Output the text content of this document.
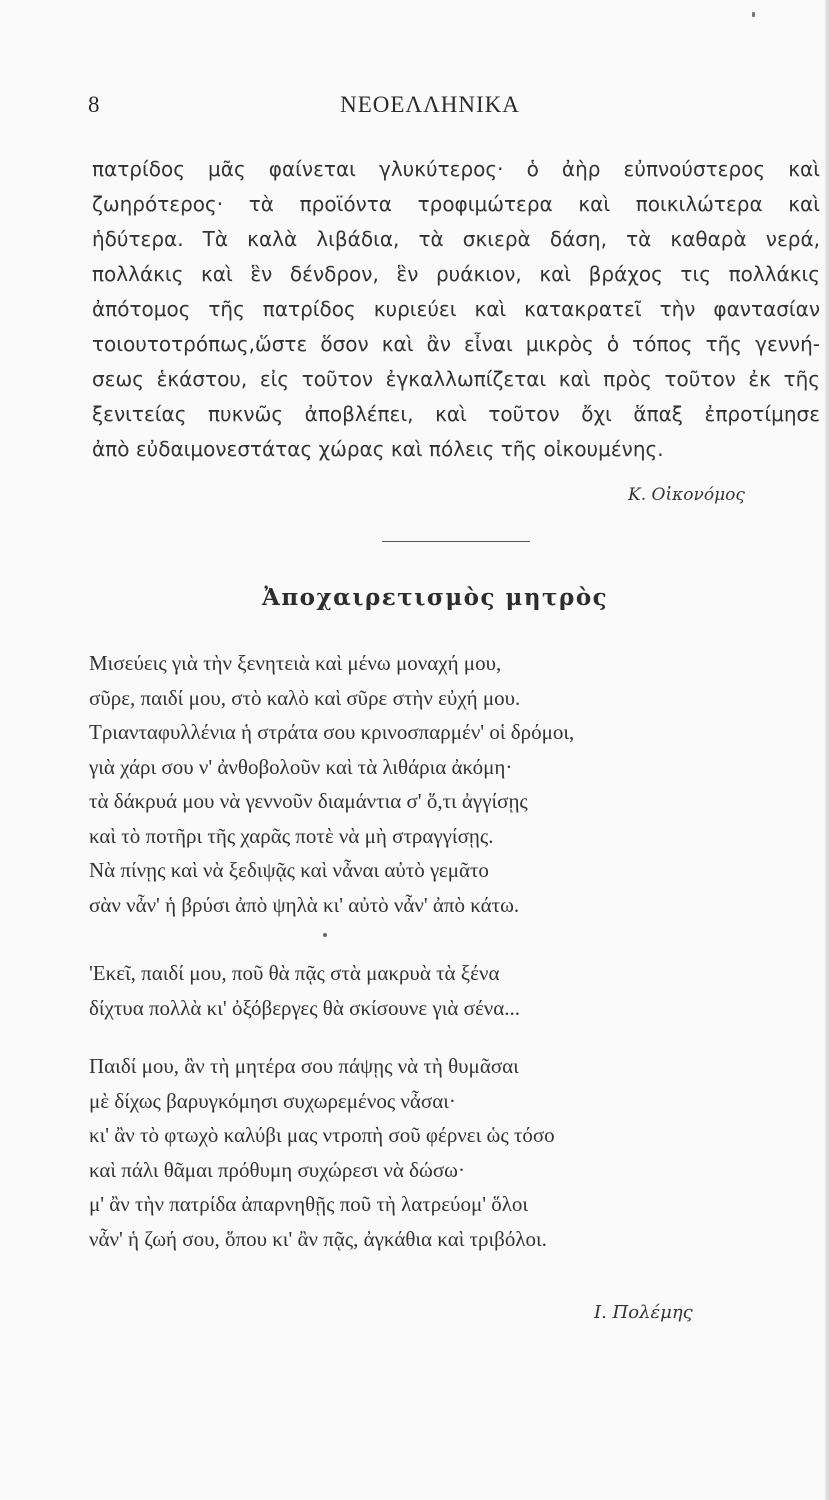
8	ΝΕΟΕΛΛΗΝΙΚΑ
πατρίδος μᾶς φαίνεται γλυκύτερος· ὁ ἀὴρ εὐπνούστερος καὶ
ζωηρότερος· τὰ προϊόντα τροφιμώτερα καὶ ποικιλώτερα καὶ
ἡδύτερα. Τὰ καλὰ λιβάδια, τὰ σκιερὰ δάση, τὰ καθαρὰ νερά,
πολλάκις καὶ ἓν δένδρον, ἓν ρυάκιον, καὶ βράχος τις πολλάκις
ἀπότομος τῆς πατρίδος κυριεύει καὶ κατακρατεῖ τὴν φαντασίαν
τοιουτοτρόπως,ὥστε ὅσον καὶ ἂν εἶναι μικρὸς ὁ τόπος τῆς γεννή-
σεως ἑκάστου, εἰς τοῦτον ἐγκαλλωπίζεται καὶ πρὸς τοῦτον ἐκ τῆς
ξενιτείας πυκνῶς ἀποβλέπει, καὶ τοῦτον ὄχι ἅπαξ ἐπροτίμησε
ἀπὸ εὐδαιμονεστάτας χώρας καὶ πόλεις τῆς οἰκουμένης.
Κ. Οἰκονόμος
Ἀποχαιρετισμὸς μητρὸς
Μισεύεις γιὰ τὴν ξενητειὰ καὶ μένω μοναχή μου,
σῦρε, παιδί μου, στὸ καλὸ καὶ σῦρε στὴν εὐχή μου.
Τριανταφυλλένια ἡ στράτα σου κρινοσπαρμέν' οἱ δρόμοι,
γιὰ χάρι σου ν' ἀνθοβολοῦν καὶ τὰ λιθάρια ἀκόμη·
τὰ δάκρυά μου νὰ γεννοῦν διαμάντια σ' ὅ,τι ἀγγίσῃς
καὶ τὸ ποτῆρι τῆς χαρᾶς ποτὲ νὰ μὴ στραγγίσῃς.
Νὰ πίνῃς καὶ νὰ ξεδιψᾷς καὶ νἆναι αὐτὸ γεμᾶτο
σὰν νἆν' ἡ βρύσι ἀπὸ ψηλὰ κι' αὐτὸ νἆν' ἀπὸ κάτω.
'Εκεῖ, παιδί μου, ποῦ θὰ πᾷς στὰ μακρυὰ τὰ ξένα
δίχτυα πολλὰ κι' ὀξόβεργες θὰ σκίσουνε γιὰ σένα...
Παιδί μου, ἂν τὴ μητέρα σου πάψῃς νὰ τὴ θυμᾶσαι
μὲ δίχως βαρυγκόμησι συχωρεμένος νἆσαι·
κι' ἂν τὸ φτωχὸ καλύβι μας ντροπὴ σοῦ φέρνει ὡς τόσο
καὶ πάλι θᾶμαι πρόθυμη συχώρεσι νὰ δώσω·
μ' ἂν τὴν πατρίδα ἀπαρνηθῇς ποῦ τὴ λατρεύομ' ὅλοι
νἆν' ἡ ζωή σου, ὅπου κι' ἂν πᾷς, ἀγκάθια καὶ τριβόλοι.
Ι. Πολέμης
